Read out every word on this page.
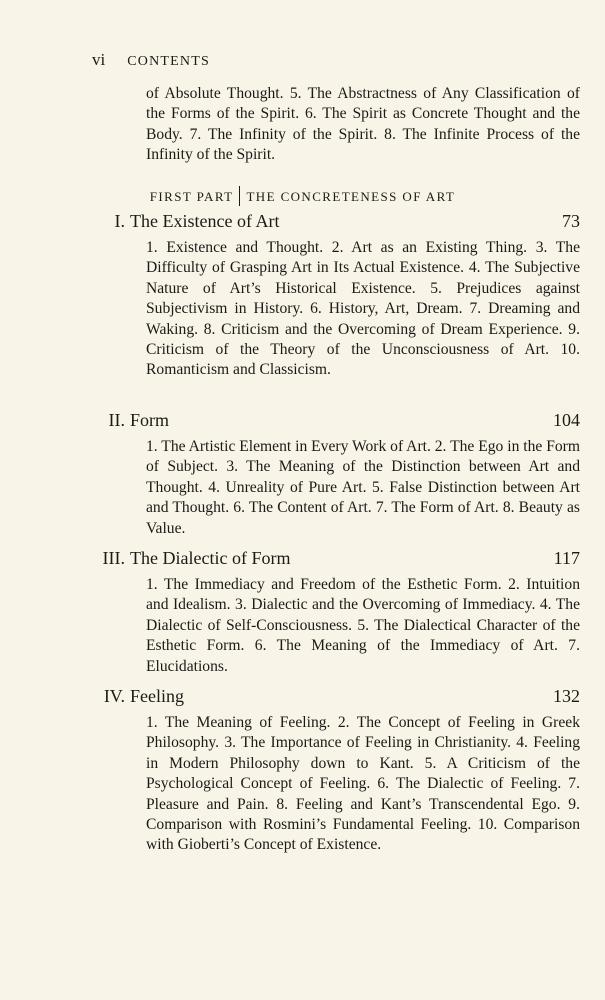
vi CONTENTS
of Absolute Thought. 5. The Abstractness of Any Classification of the Forms of the Spirit. 6. The Spirit as Concrete Thought and the Body. 7. The Infinity of the Spirit. 8. The Infinite Process of the Infinity of the Spirit.
FIRST PART THE CONCRETENESS OF ART
I. The Existence of Art	73
1. Existence and Thought. 2. Art as an Existing Thing. 3. The Difficulty of Grasping Art in Its Actual Existence. 4. The Subjective Nature of Art’s Historical Existence. 5. Prejudices against Subjectivism in History. 6. History, Art, Dream. 7. Dreaming and Waking. 8. Criticism and the Overcoming of Dream Experience. 9. Criticism of the Theory of the Unconsciousness of Art. 10. Romanticism and Classicism.
II. Form	104
1. The Artistic Element in Every Work of Art. 2. The Ego in the Form of Subject. 3. The Meaning of the Distinction between Art and Thought. 4. Unreality of Pure Art. 5. False Distinction between Art and Thought. 6. The Content of Art. 7. The Form of Art. 8. Beauty as Value.
III. The Dialectic of Form	117
1. The Immediacy and Freedom of the Esthetic Form. 2. Intuition and Idealism. 3. Dialectic and the Overcoming of Immediacy. 4. The Dialectic of Self-Consciousness. 5. The Dialectical Character of the Esthetic Form. 6. The Meaning of the Immediacy of Art. 7. Elucidations.
IV. Feeling	132
1. The Meaning of Feeling. 2. The Concept of Feeling in Greek Philosophy. 3. The Importance of Feeling in Christianity. 4. Feeling in Modern Philosophy down to Kant. 5. A Criticism of the Psychological Concept of Feeling. 6. The Dialectic of Feeling. 7. Pleasure and Pain. 8. Feeling and Kant’s Transcendental Ego. 9. Comparison with Rosmini’s Fundamental Feeling. 10. Comparison with Gioberti’s Concept of Existence.
